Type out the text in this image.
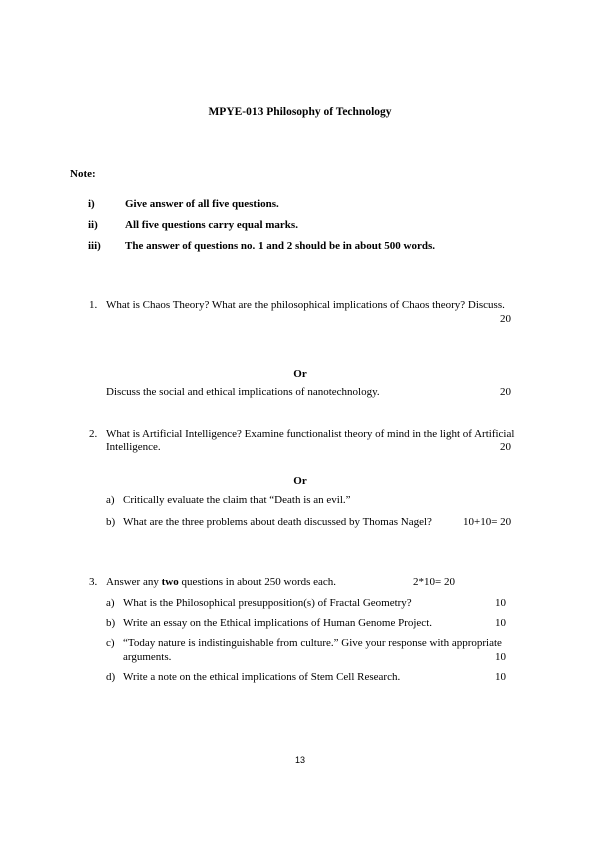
MPYE-013 Philosophy of Technology
Note:
i)	Give answer of all five questions.
ii) All five questions carry equal marks.
iii) The answer of questions no. 1 and 2 should be in about 500 words.
1. What is Chaos Theory? What are the philosophical implications of Chaos theory? Discuss.
20
Or
Discuss the social and ethical implications of nanotechnology.	20
2. What is Artificial Intelligence? Examine functionalist theory of mind in the light of Artificial
Intelligence.	20
Or
a) Critically evaluate the claim that “Death is an evil.”
b) What are the three problems about death discussed by Thomas Nagel?	10+10= 20
3. Answer any two questions in about 250 words each.	2*10= 20
a) What is the Philosophical presupposition(s) of Fractal Geometry?	10
b) Write an essay on the Ethical implications of Human Genome Project.	10
c) “Today nature is indistinguishable from culture.” Give your response with appropriate
arguments.	10
d) Write a note on the ethical implications of Stem Cell Research.	10
13
